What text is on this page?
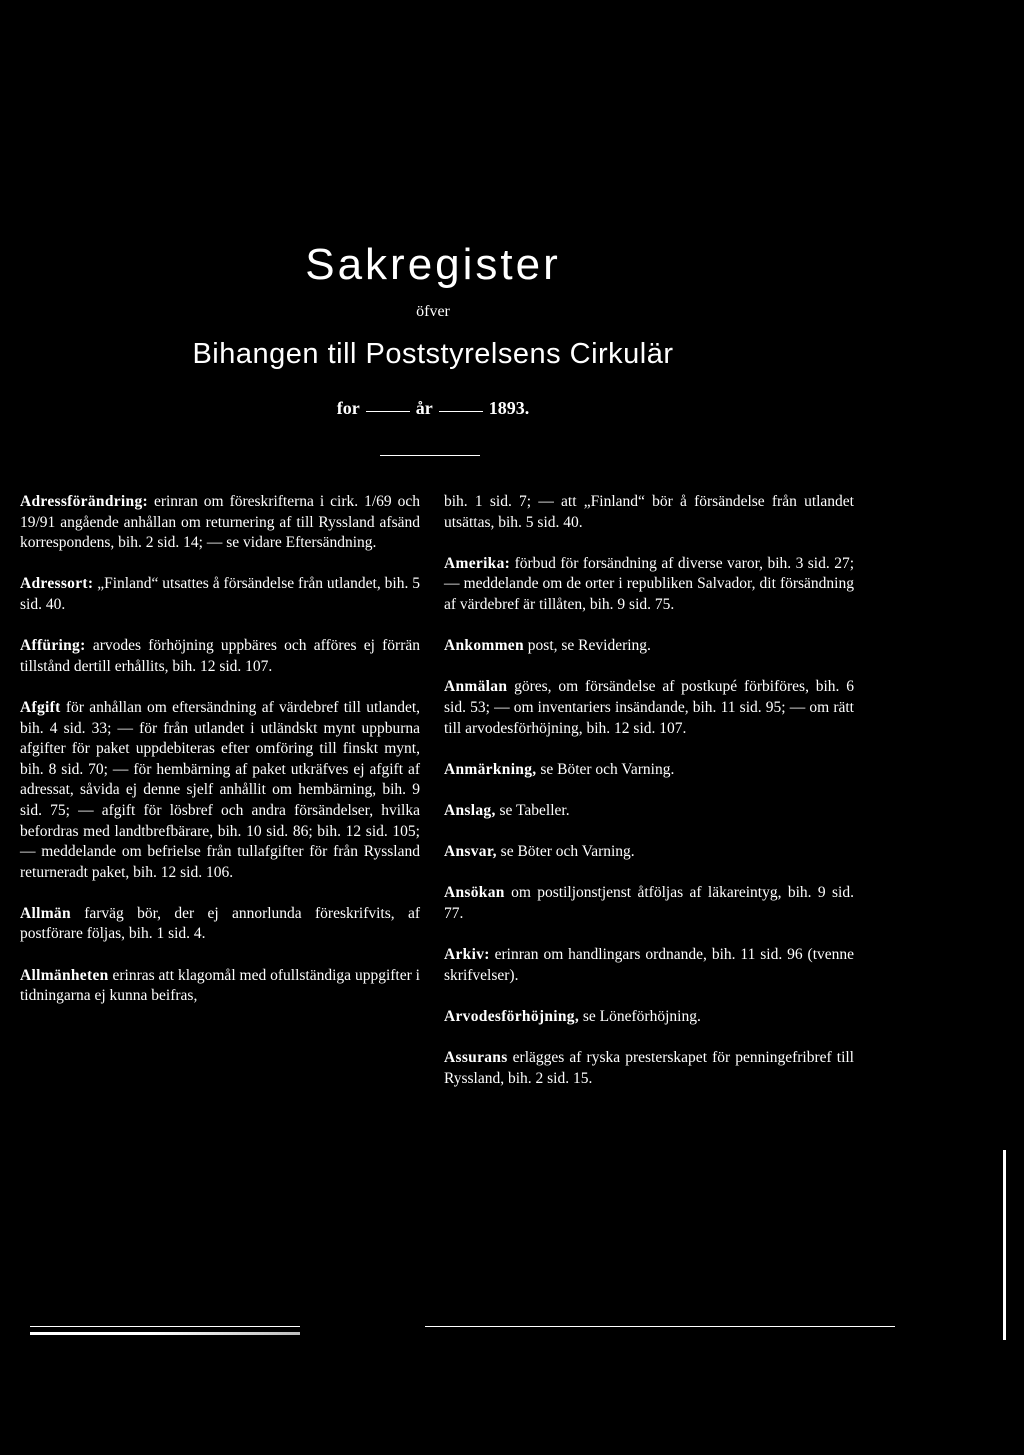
Sakregister
öfver
Bihangen till Poststyrelsens Cirkulär
for	år	1893.

Adressförändring: erinran om föreskrifterna i cirk. 1/69 och 19/91 angående anhållan om returnering af till Ryssland afsänd korrespondens, bih. 2 sid. 14; — se vidare Eftersändning.

Adressort: „Finland“ utsattes å försändelse från utlandet, bih. 5 sid. 40.

Affüring: arvodes förhöjning uppbäres och afföres ej förrän tillstånd dertill erhållits, bih. 12 sid. 107.

Afgift för anhållan om eftersändning af värdebref till utlandet, bih. 4 sid. 33; — för från utlandet i utländskt mynt uppburna afgifter för paket uppdebiteras efter omföring till finskt mynt, bih. 8 sid. 70; — för hembärning af paket utkräfves ej afgift af adressat, såvida ej denne sjelf anhållit om hembärning, bih. 9 sid. 75; — afgift för lösbref och andra försändelser, hvilka befordras med landtbrefbärare, bih. 10 sid. 86; bih. 12 sid. 105; — meddelande om befrielse från tullafgifter för från Ryssland returneradt paket, bih. 12 sid. 106.

Allmän farväg bör, der ej annorlunda föreskrifvits, af postförare följas, bih. 1 sid. 4.

Allmänheten erinras att klagomål med ofullständiga uppgifter i tidningarna ej kunna beifras,

bih. 1 sid. 7; — att „Finland“ bör å försändelse från utlandet utsättas, bih. 5 sid. 40.

Amerika: förbud för forsändning af diverse varor, bih. 3 sid. 27; — meddelande om de orter i republiken Salvador, dit försändning af värdebref är tillåten, bih. 9 sid. 75.

Ankommen post, se Revidering.

Anmälan göres, om försändelse af postkupé förbiföres, bih. 6 sid. 53; — om inventariers insändande, bih. 11 sid. 95; — om rätt till arvodesförhöjning, bih. 12 sid. 107.

Anmärkning, se Böter och Varning.

Anslag, se Tabeller.

Ansvar, se Böter och Varning.

Ansökan om postiljonstjenst åtföljas af läkareintyg, bih. 9 sid. 77.

Arkiv: erinran om handlingars ordnande, bih. 11 sid. 96 (tvenne skrifvelser).

Arvodesförhöjning, se Löneförhöjning.

Assurans erlägges af ryska presterskapet för penningefribref till Ryssland, bih. 2 sid. 15.
